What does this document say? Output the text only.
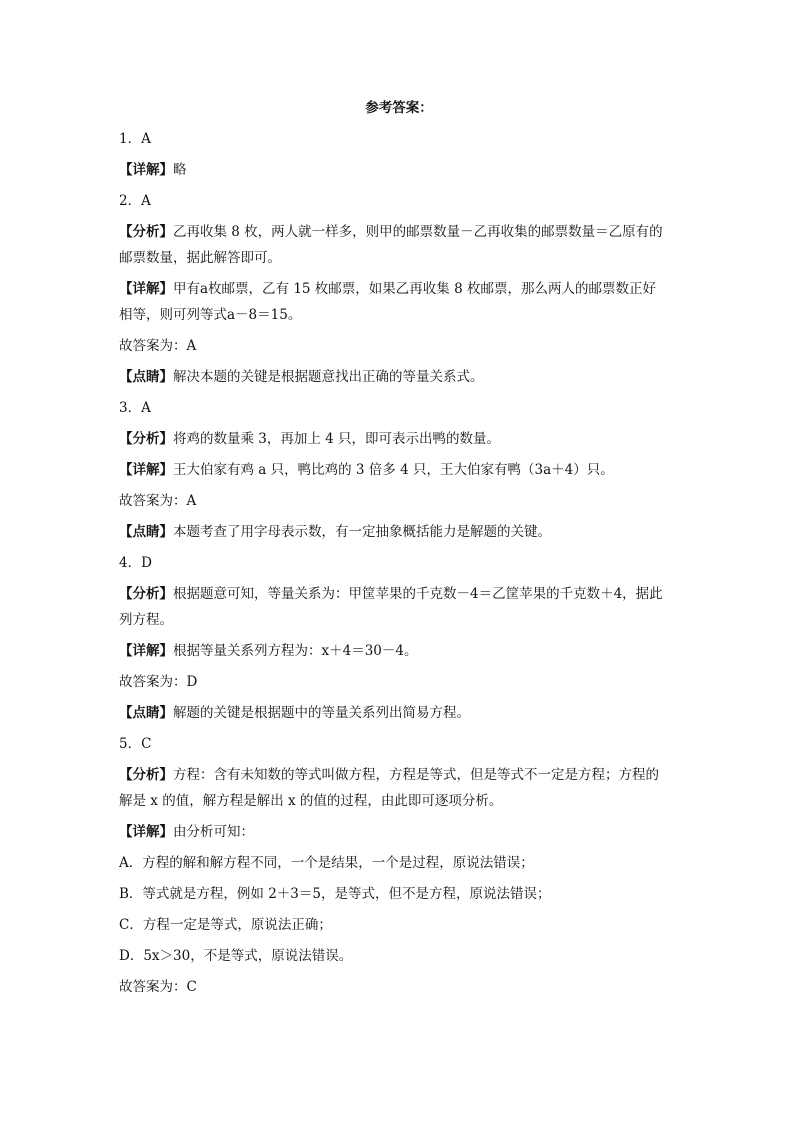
参考答案：
1．A
【详解】略
2．A
【分析】乙再收集 8 枚，两人就一样多，则甲的邮票数量－乙再收集的邮票数量＝乙原有的
邮票数量，据此解答即可。
【详解】甲有a枚邮票，乙有 15 枚邮票，如果乙再收集 8 枚邮票，那么两人的邮票数正好
相等，则可列等式a－8＝15。
故答案为：A
【点睛】解决本题的关键是根据题意找出正确的等量关系式。
3．A
【分析】将鸡的数量乘 3，再加上 4 只，即可表示出鸭的数量。
【详解】王大伯家有鸡 a 只，鸭比鸡的 3 倍多 4 只，王大伯家有鸭（3a＋4）只。
故答案为：A
【点睛】本题考查了用字母表示数，有一定抽象概括能力是解题的关键。
4．D
【分析】根据题意可知，等量关系为：甲筐苹果的千克数－4＝乙筐苹果的千克数＋4，据此
列方程。
【详解】根据等量关系列方程为：x＋4＝30－4。
故答案为：D
【点睛】解题的关键是根据题中的等量关系列出简易方程。
5．C
【分析】方程：含有未知数的等式叫做方程，方程是等式，但是等式不一定是方程；方程的
解是 x 的值，解方程是解出 x 的值的过程，由此即可逐项分析。
【详解】由分析可知：
A．方程的解和解方程不同，一个是结果，一个是过程，原说法错误；
B．等式就是方程，例如 2＋3＝5，是等式，但不是方程，原说法错误；
C．方程一定是等式，原说法正确；
D．5x＞30，不是等式，原说法错误。
故答案为：C
